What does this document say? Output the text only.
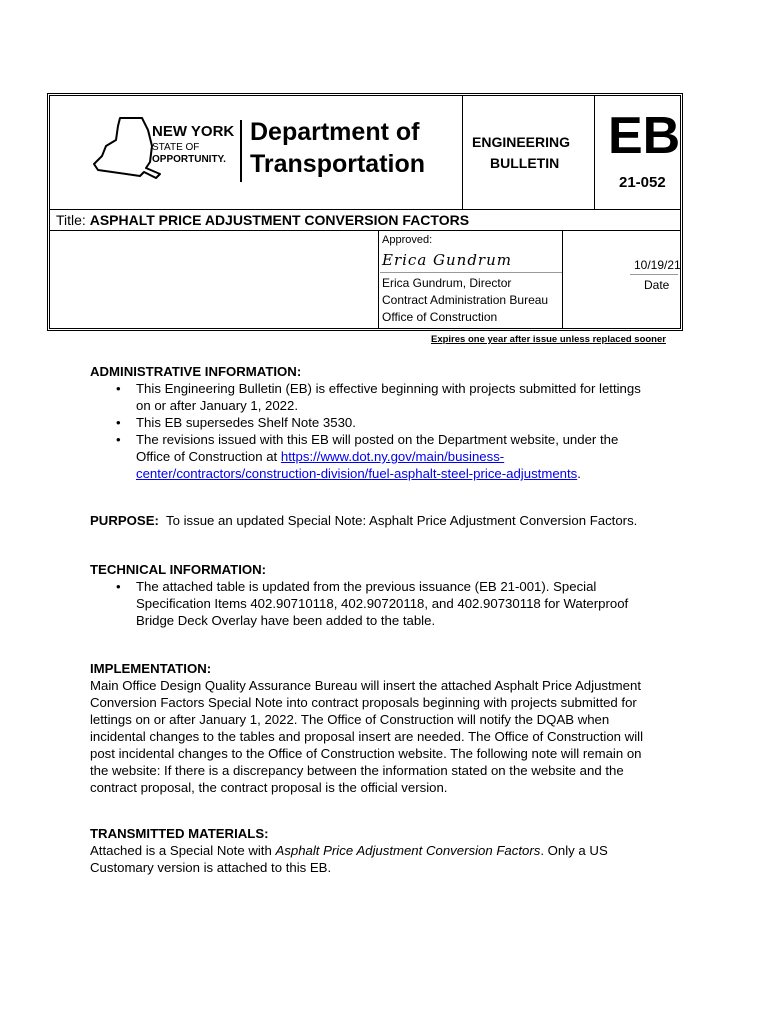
NEW YORK
STATE OF
OPPORTUNITY.
Department of
Transportation
ENGINEERING
BULLETIN EB
21-052
Title: ASPHALT PRICE ADJUSTMENT CONVERSION FACTORS
Approved:
Erica Gundrum
Erica Gundrum, Director
Contract Administration Bureau
Office of Construction
10/19/21
Date
Expires one year after issue unless replaced sooner
ADMINISTRATIVE INFORMATION:
• This Engineering Bulletin (EB) is effective beginning with projects submitted for lettings
on or after January 1, 2022.
• This EB supersedes Shelf Note 3530.
• The revisions issued with this EB will posted on the Department website, under the
Office of Construction at https://www.dot.ny.gov/main/business-
center/contractors/construction-division/fuel-asphalt-steel-price-adjustments.
PURPOSE: To issue an updated Special Note: Asphalt Price Adjustment Conversion Factors.
TECHNICAL INFORMATION:
• The attached table is updated from the previous issuance (EB 21-001). Special
Specification Items 402.90710118, 402.90720118, and 402.90730118 for Waterproof
Bridge Deck Overlay have been added to the table.
IMPLEMENTATION:
Main Office Design Quality Assurance Bureau will insert the attached Asphalt Price Adjustment
Conversion Factors Special Note into contract proposals beginning with projects submitted for
lettings on or after January 1, 2022. The Office of Construction will notify the DQAB when
incidental changes to the tables and proposal insert are needed. The Office of Construction will
post incidental changes to the Office of Construction website. The following note will remain on
the website: If there is a discrepancy between the information stated on the website and the
contract proposal, the contract proposal is the official version.
TRANSMITTED MATERIALS:
Attached is a Special Note with Asphalt Price Adjustment Conversion Factors. Only a US
Customary version is attached to this EB.
